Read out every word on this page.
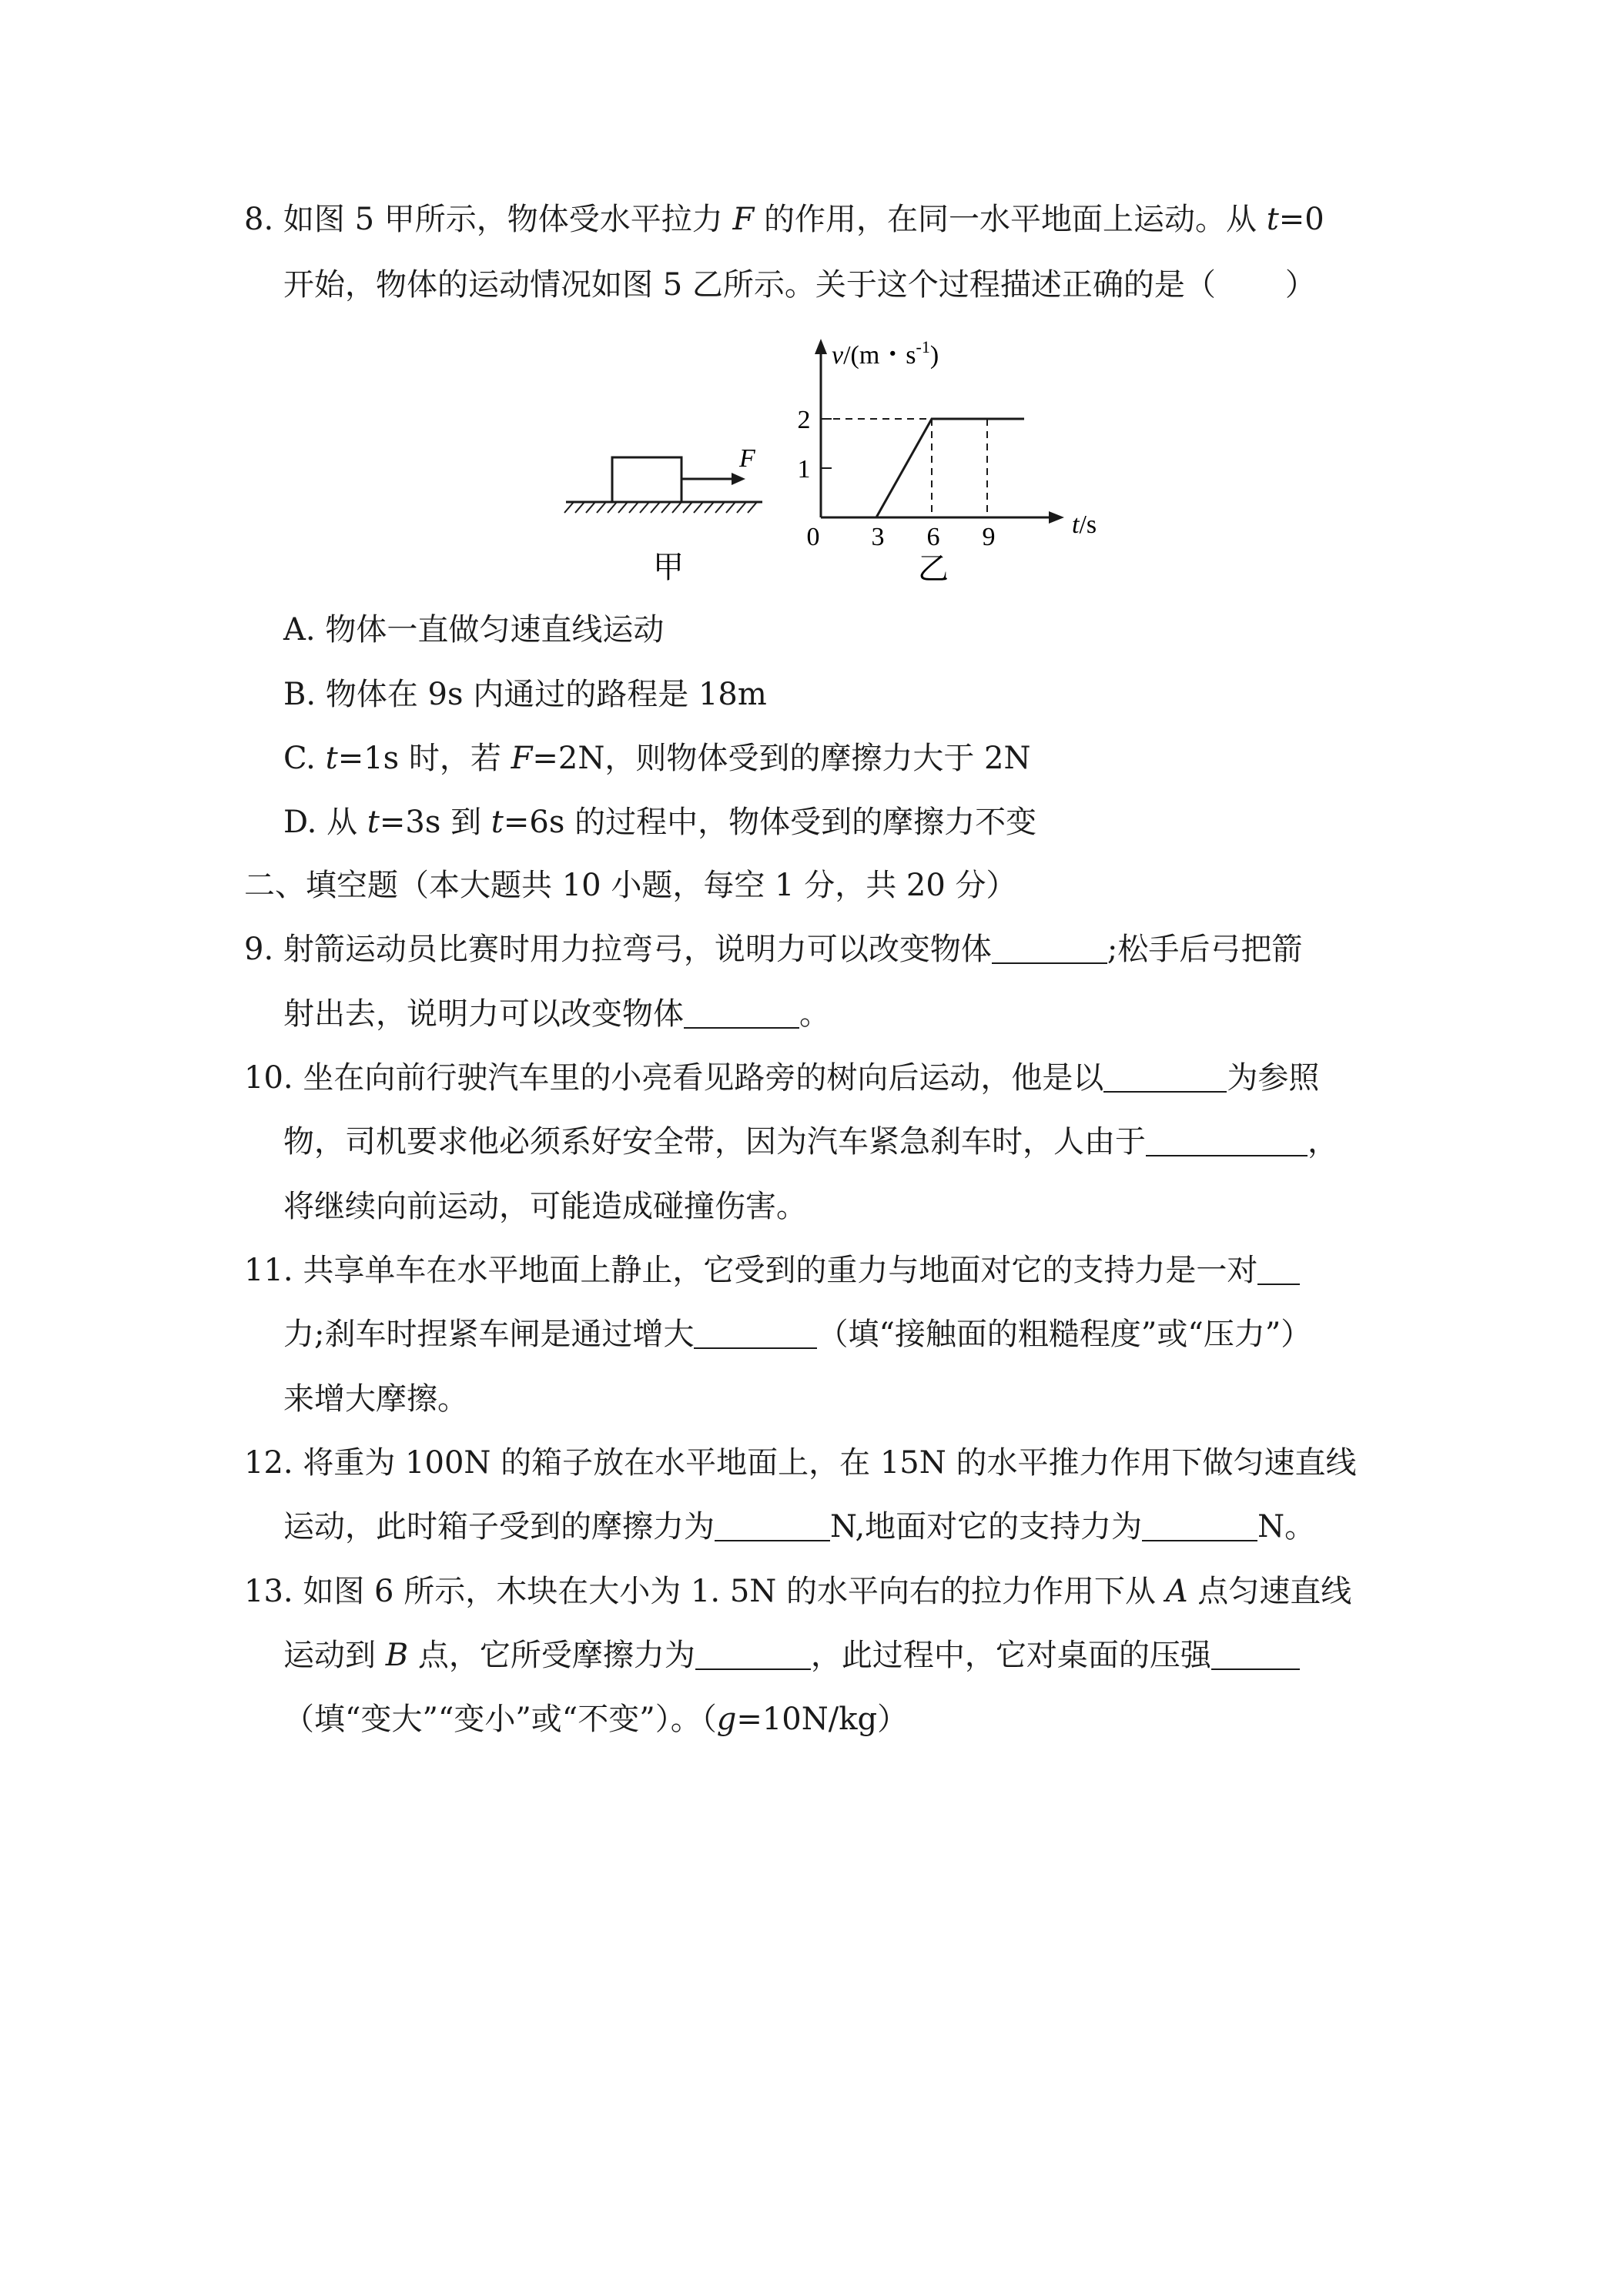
8. 如图 5 甲所示，物体受水平拉力 F 的作用，在同一水平地面上运动。从 t=0
开始，物体的运动情况如图 5 乙所示。关于这个过程描述正确的是（ ）
F
甲
v/(m・$s^{-1}$)
t/s
2
1
0 3 6 9
乙
A. 物体一直做匀速直线运动
B. 物体在 9s 内通过的路程是 18m
C. t=1s 时，若 F=2N，则物体受到的摩擦力大于 2N
D. 从 t=3s 到 t=6s 的过程中，物体受到的摩擦力不变
二、填空题（本大题共 10 小题，每空 1 分，共 20 分）
9. 射箭运动员比赛时用力拉弯弓，说明力可以改变物体	;松手后弓把箭
射出去，说明力可以改变物体	。
10. 坐在向前行驶汽车里的小亮看见路旁的树向后运动，他是以	为参照
物，司机要求他必须系好安全带，因为汽车紧急刹车时，人由于	，
将继续向前运动，可能造成碰撞伤害。
11. 共享单车在水平地面上静止，它受到的重力与地面对它的支持力是一对
力;刹车时捏紧车闸是通过增大	（填“接触面的粗糙程度”或“压力”）
来增大摩擦。
12. 将重为 100N 的箱子放在水平地面上，在 15N 的水平推力作用下做匀速直线
运动，此时箱子受到的摩擦力为	N,地面对它的支持力为	N。
13. 如图 6 所示，木块在大小为 1. 5N 的水平向右的拉力作用下从 A 点匀速直线
运动到 B 点，它所受摩擦力为	，此过程中，它对桌面的压强
（填“变大”“变小”或“不变”）。（g=10N/kg）
